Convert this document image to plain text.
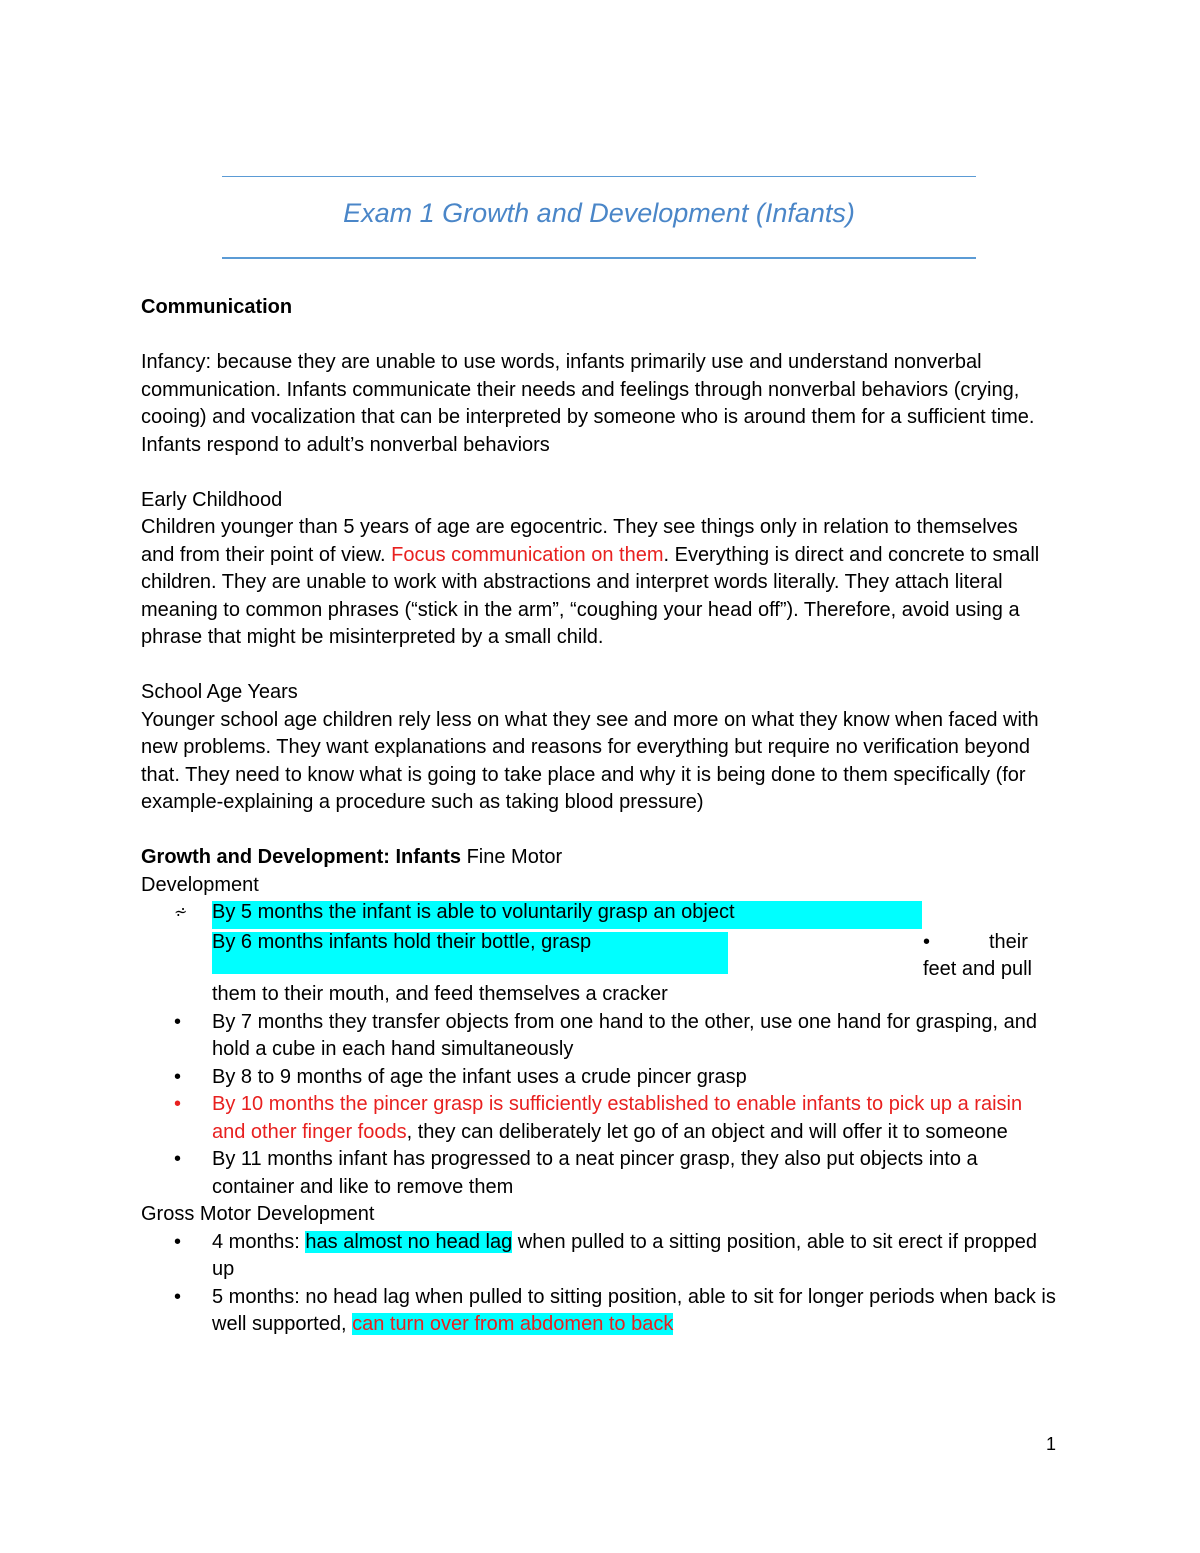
Exam 1 Growth and Development (Infants)

Communication

Infancy: because they are unable to use words, infants primarily use and understand nonverbal communication. Infants communicate their needs and feelings through nonverbal behaviors (crying, cooing) and vocalization that can be interpreted by someone who is around them for a sufficient time. Infants respond to adult’s nonverbal behaviors

Early Childhood

Children younger than 5 years of age are egocentric. They see things only in relation to themselves and from their point of view. Focus communication on them. Everything is direct and concrete to small children. They are unable to work with abstractions and interpret words literally. They attach literal meaning to common phrases (“stick in the arm”, “coughing your head off”). Therefore, avoid using a phrase that might be misinterpreted by a small child.

School Age Years

Younger school age children rely less on what they see and more on what they know when faced with new problems. They want explanations and reasons for everything but require no verification beyond that. They need to know what is going to take place and why it is being done to them specifically (for example-explaining a procedure such as taking blood pressure)

Growth and Development: Infants Fine Motor

Development

⩫ By 5 months the infant is able to voluntarily grasp an object
By 6 months infants hold their bottle, grasp	•	their
feet and pull

them to their mouth, and feed themselves a cracker

• By 7 months they transfer objects from one hand to the other, use one hand for grasping, and hold a cube in each hand simultaneously
• By 8 to 9 months of age the infant uses a crude pincer grasp
• By 10 months the pincer grasp is sufficiently established to enable infants to pick up a raisin and other finger foods, they can deliberately let go of an object and will offer it to someone
• By 11 months infant has progressed to a neat pincer grasp, they also put objects into a container and like to remove them

Gross Motor Development

• 4 months: has almost no head lag when pulled to a sitting position, able to sit erect if propped up
• 5 months: no head lag when pulled to sitting position, able to sit for longer periods when back is well supported, can turn over from abdomen to back
1
